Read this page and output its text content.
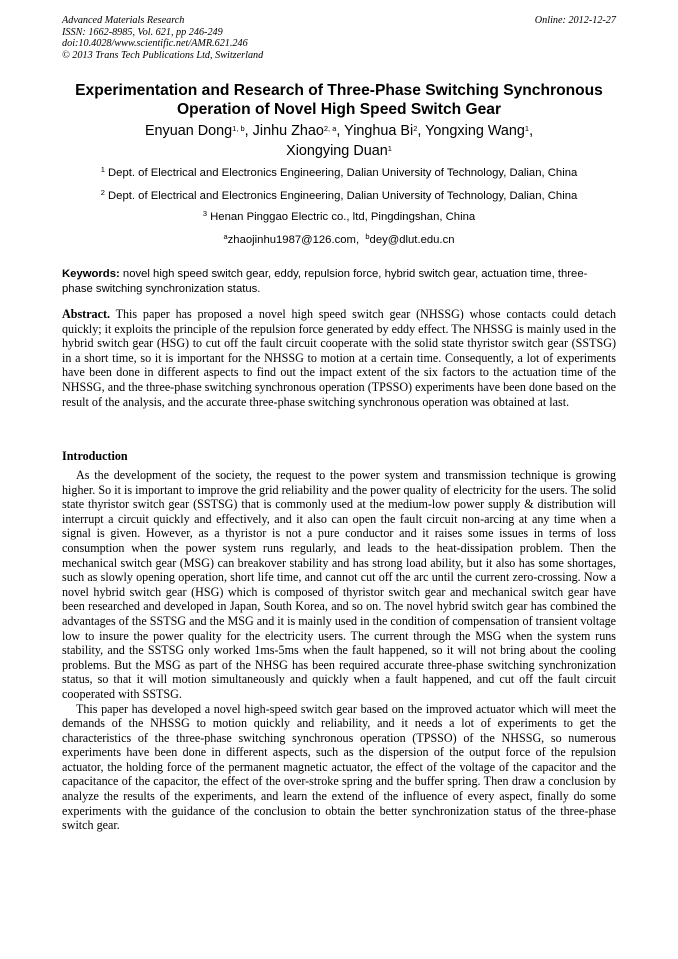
Advanced Materials Research
ISSN: 1662-8985, Vol. 621, pp 246-249
doi:10.4028/www.scientific.net/AMR.621.246
© 2013 Trans Tech Publications Ltd, Switzerland
Online: 2012-12-27
Experimentation and Research of Three-Phase Switching Synchronous Operation of Novel High Speed Switch Gear
Enyuan Dong$^{1, b}$, Jinhu Zhao$^{2, a}$, Yinghua Bi$^2$, Yongxing Wang$^1$,
Xiongying Duan$^1$
$^1$ Dept. of Electrical and Electronics Engineering, Dalian University of Technology, Dalian, China
$^2$ Dept. of Electrical and Electronics Engineering, Dalian University of Technology, Dalian, China
$^3$ Henan Pinggao Electric co., ltd, Pingdingshan, China
$^a$zhaojinhu1987@126.com, $^b$dey@dlut.edu.cn
Keywords: novel high speed switch gear, eddy, repulsion force, hybrid switch gear, actuation time, three-phase switching synchronization status.
Abstract. This paper has proposed a novel high speed switch gear (NHSSG) whose contacts could detach quickly; it exploits the principle of the repulsion force generated by eddy effect. The NHSSG is mainly used in the hybrid switch gear (HSG) to cut off the fault circuit cooperate with the solid state thyristor switch gear (SSTSG) in a short time, so it is important for the NHSSG to motion at a certain time. Consequently, a lot of experiments have been done in different aspects to find out the impact extent of the six factors to the actuation time of the NHSSG, and the three-phase switching synchronous operation (TPSSO) experiments have been done based on the result of the analysis, and the accurate three-phase switching synchronous operation was obtained at last.
Introduction

As the development of the society, the request to the power system and transmission technique is growing higher. So it is important to improve the grid reliability and the power quality of electricity for the users. The solid state thyristor switch gear (SSTSG) that is commonly used at the medium-low power supply & distribution will interrupt a circuit quickly and effectively, and it also can open the fault circuit non-arcing at any time when a signal is given. However, as a thyristor is not a pure conductor and it raises some issues in terms of loss consumption when the power system runs regularly, and leads to the heat-dissipation problem. Then the mechanical switch gear (MSG) can breakover stability and has strong load ability, but it also has some shortages, such as slowly opening operation, short life time, and cannot cut off the arc until the current zero-crossing. Now a novel hybrid switch gear (HSG) which is composed of thyristor switch gear and mechanical switch gear have been researched and developed in Japan, South Korea, and so on. The novel hybrid switch gear has combined the advantages of the SSTSG and the MSG and it is mainly used in the condition of compensation of transient voltage low to insure the power quality for the electricity users. The current through the MSG when the system runs stability, and the SSTSG only worked 1ms-5ms when the fault happened, so it will not bring about the cooling problems. But the MSG as part of the NHSG has been required accurate three-phase switching synchronization status, so that it will motion simultaneously and quickly when a fault happened, and cut off the fault circuit cooperated with SSTSG.

This paper has developed a novel high-speed switch gear based on the improved actuator which will meet the demands of the NHSSG to motion quickly and reliability, and it needs a lot of experiments to get the characteristics of the three-phase switching synchronous operation (TPSSO) of the NHSSG, so numerous experiments have been done in different aspects, such as the dispersion of the output force of the repulsion actuator, the holding force of the permanent magnetic actuator, the effect of the voltage of the capacitor and the capacitance of the capacitor, the effect of the over-stroke spring and the buffer spring. Then draw a conclusion by analyze the results of the experiments, and learn the extend of the influence of every aspect, finally do some experiments with the guidance of the conclusion to obtain the better synchronization status of the three-phase switch gear.
